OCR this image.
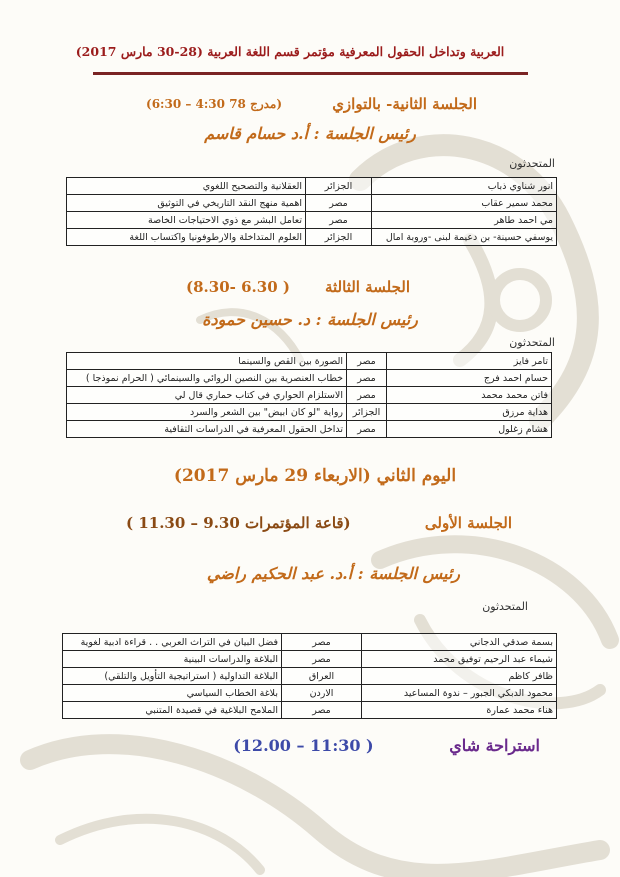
العربية وتداخل الحقول المعرفية مؤتمر قسم اللغة العربية (28-30 مارس 2017)
الجلسة الثانية- بالتوازي
(مدرج 78 4:30 – 6:30)
رئيس الجلسة : أ.د حسام قاسم
المتحدثون
انور شناوي ذباب	الجزائر	العقلانية والتصحيح اللغوي
محمد سمير عقاب	مصر	اهمية منهج النقد التاريخي في التوثيق
مي احمد طاهر	مصر	تعامل البشر مع ذوي الاحتياجات الخاصة
يوسفي حسينة- بن دعيمة لبنى -وروبة امال	الجزائر	العلوم المتداخلة والارطوفونيا واكتساب اللغة
الجلسة الثالثة
( 6.30 -8.30)
رئيس الجلسة : د. حسين حمودة
المتحدثون
تامر فايز	مصر	الصورة بين القص والسينما
حسام احمد فرج	مصر	خطاب العنصرية بين النصين الروائي والسينمائي ( الحرام نموذجا )
فاتن محمد محمد	مصر	الاستلزام الحواري في كتاب حماري قال لي
هداية مرزق	الجزائر	رواية "لو كان ابيض" بين الشعر والسرد
هشام زغلول	مصر	تداخل الحقول المعرفية في الدراسات الثقافية
اليوم الثاني (الاربعاء 29 مارس 2017)
الجلسة الأولى
(قاعة المؤتمرات 9.30 – 11.30 )
رئيس الجلسة : أ.د. عبد الحكيم راضي
المتحدثون
بسمة صدقي الدجاني	مصر	فضل البيان في التراث العربي . . قراءة ادبية لغوية
شيماء عبد الرحيم توفيق محمد	مصر	البلاغة والدراسات البينية
ظافر كاظم	العراق	البلاغة التداولية ( استراتيجية التأويل والتلقي)
محمود الدبكي الجبور – ندوة المساعيد	الاردن	بلاغة الخطاب السياسي
هناء محمد عمارة	مصر	الملامح البلاغية في قصيدة المتنبي
استراحة شاي ( 11:30 – 12.00)
